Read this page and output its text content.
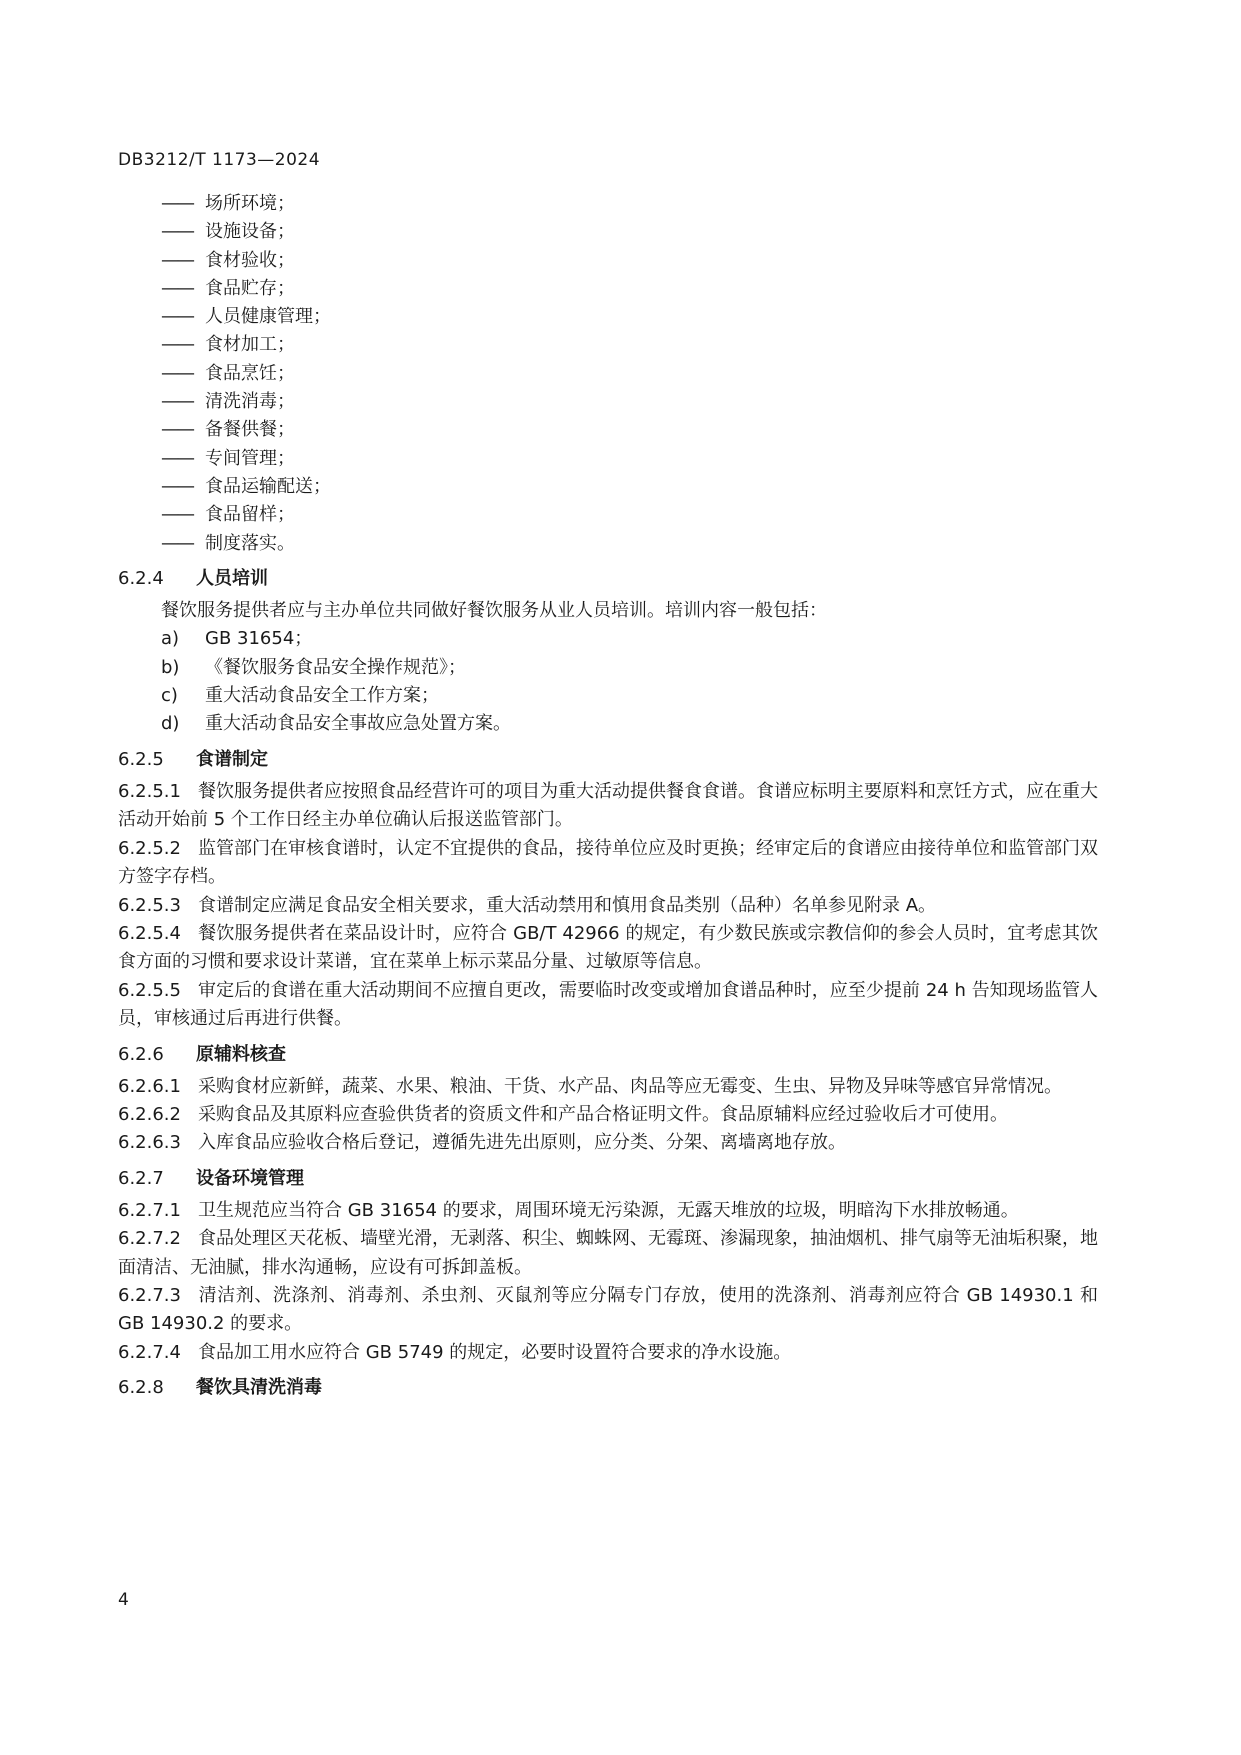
DB3212/T 1173—2024
—— 场所环境；
—— 设施设备；
—— 食材验收；
—— 食品贮存；
—— 人员健康管理；
—— 食材加工；
—— 食品烹饪；
—— 清洗消毒；
—— 备餐供餐；
—— 专间管理；
—— 食品运输配送；
—— 食品留样；
—— 制度落实。
6.2.4 人员培训
餐饮服务提供者应与主办单位共同做好餐饮服务从业人员培训。培训内容一般包括：
a) GB 31654；
b) 《餐饮服务食品安全操作规范》；
c) 重大活动食品安全工作方案；
d) 重大活动食品安全事故应急处置方案。
6.2.5 食谱制定
6.2.5.1 餐饮服务提供者应按照食品经营许可的项目为重大活动提供餐食食谱。食谱应标明主要原料和烹饪方式，应在重大活动开始前 5 个工作日经主办单位确认后报送监管部门。
6.2.5.2 监管部门在审核食谱时，认定不宜提供的食品，接待单位应及时更换；经审定后的食谱应由接待单位和监管部门双方签字存档。
6.2.5.3 食谱制定应满足食品安全相关要求，重大活动禁用和慎用食品类别（品种）名单参见附录 A。
6.2.5.4 餐饮服务提供者在菜品设计时，应符合 GB/T 42966 的规定，有少数民族或宗教信仰的参会人员时，宜考虑其饮食方面的习惯和要求设计菜谱，宜在菜单上标示菜品分量、过敏原等信息。
6.2.5.5 审定后的食谱在重大活动期间不应擅自更改，需要临时改变或增加食谱品种时，应至少提前 24 h 告知现场监管人员，审核通过后再进行供餐。
6.2.6 原辅料核查
6.2.6.1 采购食材应新鲜，蔬菜、水果、粮油、干货、水产品、肉品等应无霉变、生虫、异物及异味等感官异常情况。
6.2.6.2 采购食品及其原料应查验供货者的资质文件和产品合格证明文件。食品原辅料应经过验收后才可使用。
6.2.6.3 入库食品应验收合格后登记，遵循先进先出原则，应分类、分架、离墙离地存放。
6.2.7 设备环境管理
6.2.7.1 卫生规范应当符合 GB 31654 的要求，周围环境无污染源，无露天堆放的垃圾，明暗沟下水排放畅通。
6.2.7.2 食品处理区天花板、墙壁光滑，无剥落、积尘、蜘蛛网、无霉斑、渗漏现象，抽油烟机、排气扇等无油垢积聚，地面清洁、无油腻，排水沟通畅，应设有可拆卸盖板。
6.2.7.3 清洁剂、洗涤剂、消毒剂、杀虫剂、灭鼠剂等应分隔专门存放，使用的洗涤剂、消毒剂应符合 GB 14930.1 和 GB 14930.2 的要求。
6.2.7.4 食品加工用水应符合 GB 5749 的规定，必要时设置符合要求的净水设施。
6.2.8 餐饮具清洗消毒
4
